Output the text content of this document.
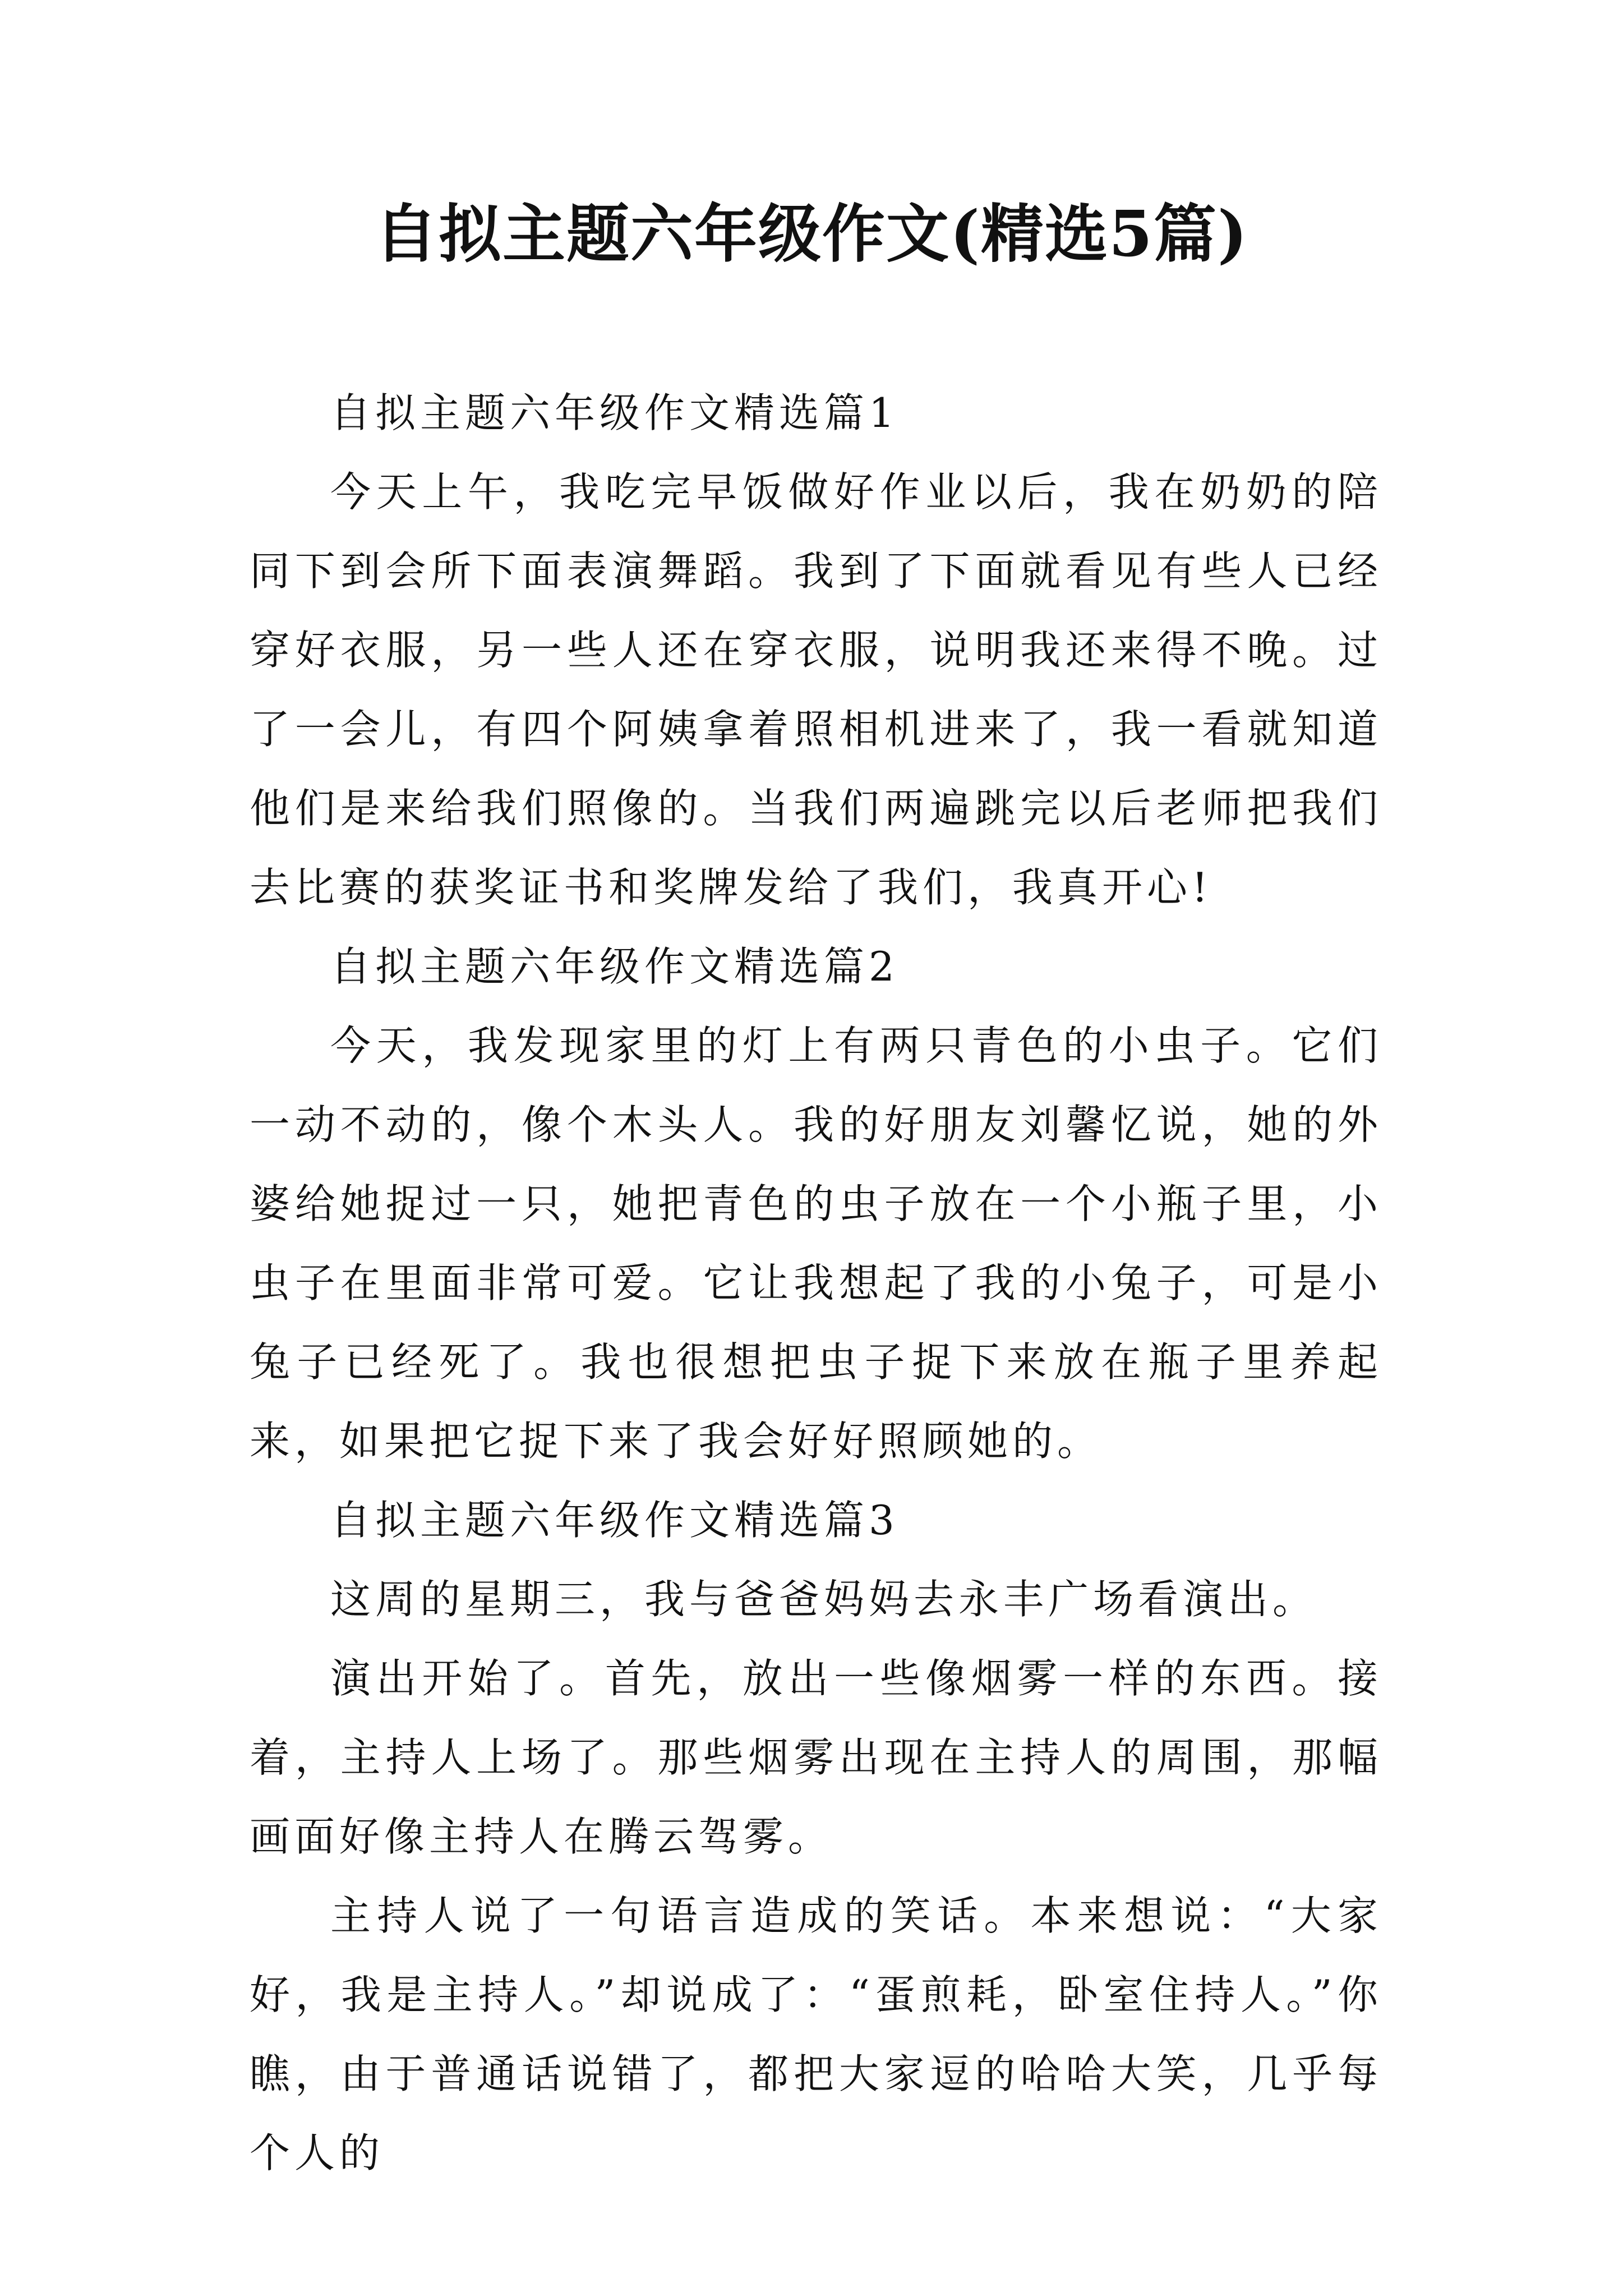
自拟主题六年级作文(精选5篇)

自拟主题六年级作文精选篇1

今天上午，我吃完早饭做好作业以后，我在奶奶的陪同下到会所下面表演舞蹈。我到了下面就看见有些人已经穿好衣服，另一些人还在穿衣服，说明我还来得不晚。过了一会儿，有四个阿姨拿着照相机进来了，我一看就知道他们是来给我们照像的。当我们两遍跳完以后老师把我们去比赛的获奖证书和奖牌发给了我们，我真开心!

自拟主题六年级作文精选篇2

今天，我发现家里的灯上有两只青色的小虫子。它们一动不动的，像个木头人。我的好朋友刘馨忆说，她的外婆给她捉过一只，她把青色的虫子放在一个小瓶子里，小虫子在里面非常可爱。它让我想起了我的小兔子，可是小兔子已经死了。我也很想把虫子捉下来放在瓶子里养起来，如果把它捉下来了我会好好照顾她的。

自拟主题六年级作文精选篇3

这周的星期三，我与爸爸妈妈去永丰广场看演出。

演出开始了。首先，放出一些像烟雾一样的东西。接着，主持人上场了。那些烟雾出现在主持人的周围，那幅画面好像主持人在腾云驾雾。

主持人说了一句语言造成的笑话。本来想说：“大家好，我是主持人。”却说成了：“蛋煎耗，卧室住持人。”你瞧，由于普通话说错了，都把大家逗的哈哈大笑，几乎每个人的
